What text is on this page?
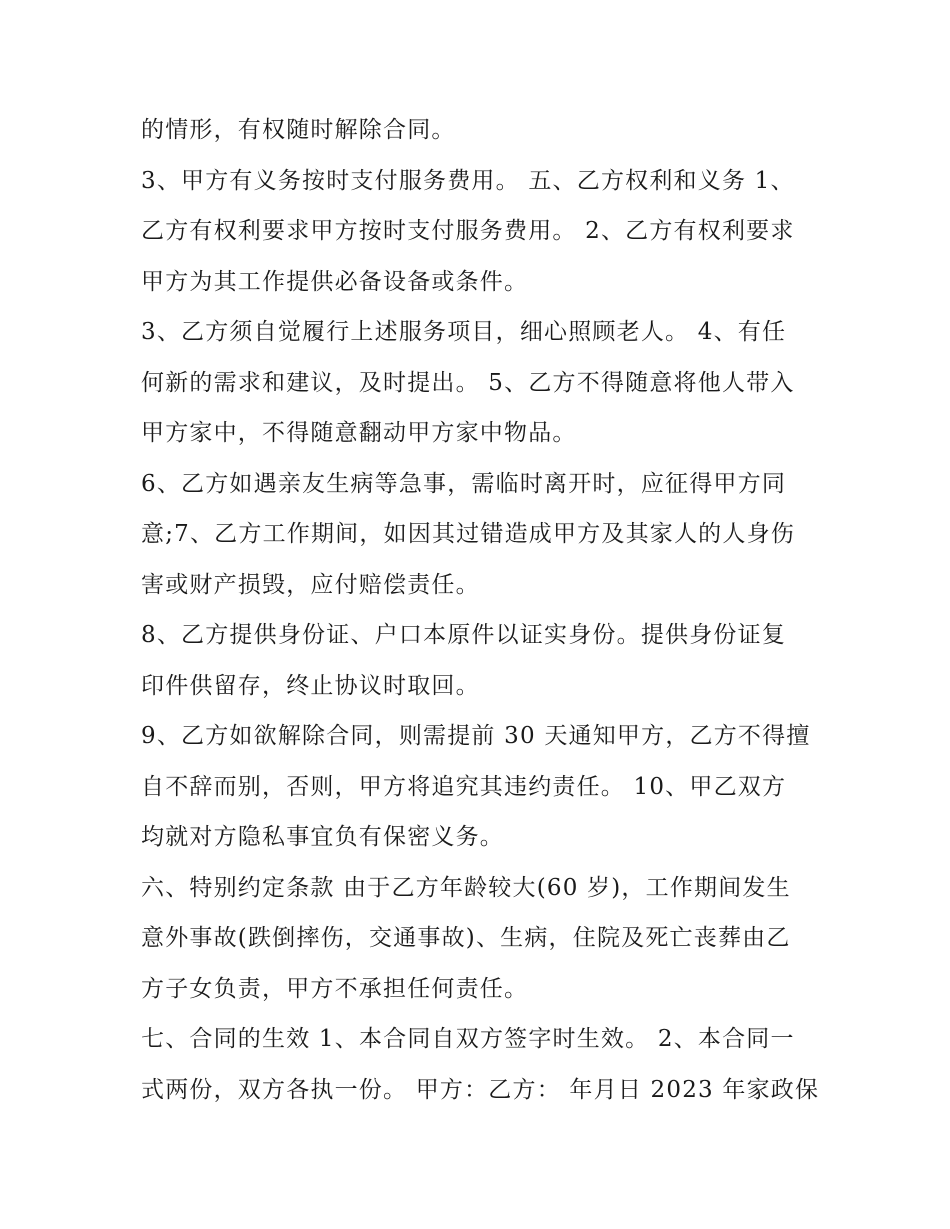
的情形，有权随时解除合同。

3、甲方有义务按时支付服务费用。 五、乙方权利和义务 1、

乙方有权利要求甲方按时支付服务费用。 2、乙方有权利要求

甲方为其工作提供必备设备或条件。

3、乙方须自觉履行上述服务项目，细心照顾老人。 4、有任

何新的需求和建议，及时提出。 5、乙方不得随意将他人带入

甲方家中，不得随意翻动甲方家中物品。

6、乙方如遇亲友生病等急事，需临时离开时，应征得甲方同

意;7、乙方工作期间，如因其过错造成甲方及其家人的人身伤

害或财产损毁，应付赔偿责任。

8、乙方提供身份证、户口本原件以证实身份。提供身份证复

印件供留存，终止协议时取回。

9、乙方如欲解除合同，则需提前 30 天通知甲方，乙方不得擅

自不辞而别，否则，甲方将追究其违约责任。 10、甲乙双方

均就对方隐私事宜负有保密义务。

六、特别约定条款 由于乙方年龄较大(60 岁)，工作期间发生

意外事故(跌倒摔伤，交通事故)、生病，住院及死亡丧葬由乙

方子女负责，甲方不承担任何责任。

七、合同的生效 1、本合同自双方签字时生效。 2、本合同一

式两份，双方各执一份。 甲方：乙方： 年月日 2023 年家政保
